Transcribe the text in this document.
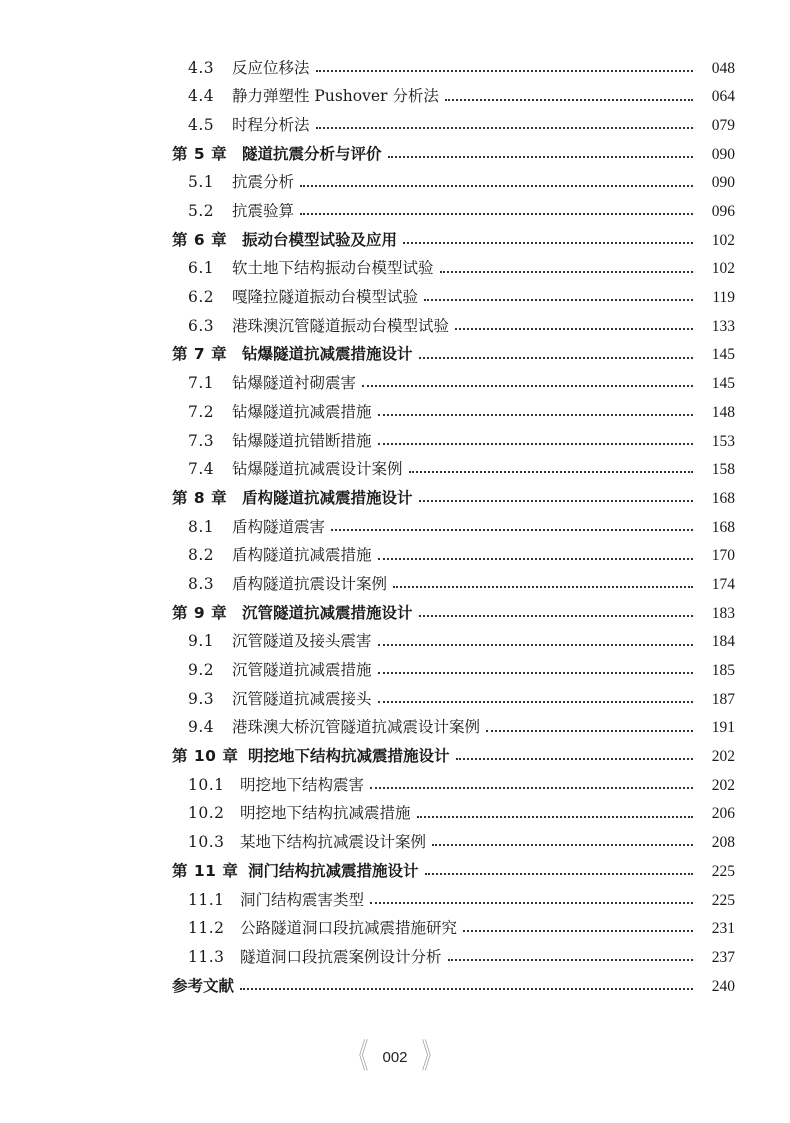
4.3 反应位移法	048
4.4 静力弹塑性 Pushover 分析法	064
4.5 时程分析法	079
第 5 章 隧道抗震分析与评价	090
5.1 抗震分析	090
5.2 抗震验算	096
第 6 章 振动台模型试验及应用	102
6.1 软土地下结构振动台模型试验	102
6.2 嘎隆拉隧道振动台模型试验	119
6.3 港珠澳沉管隧道振动台模型试验	133
第 7 章 钻爆隧道抗减震措施设计	145
7.1 钻爆隧道衬砌震害	145
7.2 钻爆隧道抗减震措施	148
7.3 钻爆隧道抗错断措施	153
7.4 钻爆隧道抗减震设计案例	158
第 8 章 盾构隧道抗减震措施设计	168
8.1 盾构隧道震害	168
8.2 盾构隧道抗减震措施	170
8.3 盾构隧道抗震设计案例	174
第 9 章 沉管隧道抗减震措施设计	183
9.1 沉管隧道及接头震害	184
9.2 沉管隧道抗减震措施	185
9.3 沉管隧道抗减震接头	187
9.4 港珠澳大桥沉管隧道抗减震设计案例	191
第 10 章 明挖地下结构抗减震措施设计	202
10.1 明挖地下结构震害	202
10.2 明挖地下结构抗减震措施	206
10.3 某地下结构抗减震设计案例	208
第 11 章 洞门结构抗减震措施设计	225
11.1 洞门结构震害类型	225
11.2 公路隧道洞口段抗减震措施研究	231
11.3 隧道洞口段抗震案例设计分析	237
参考文献	240
《 002 》
